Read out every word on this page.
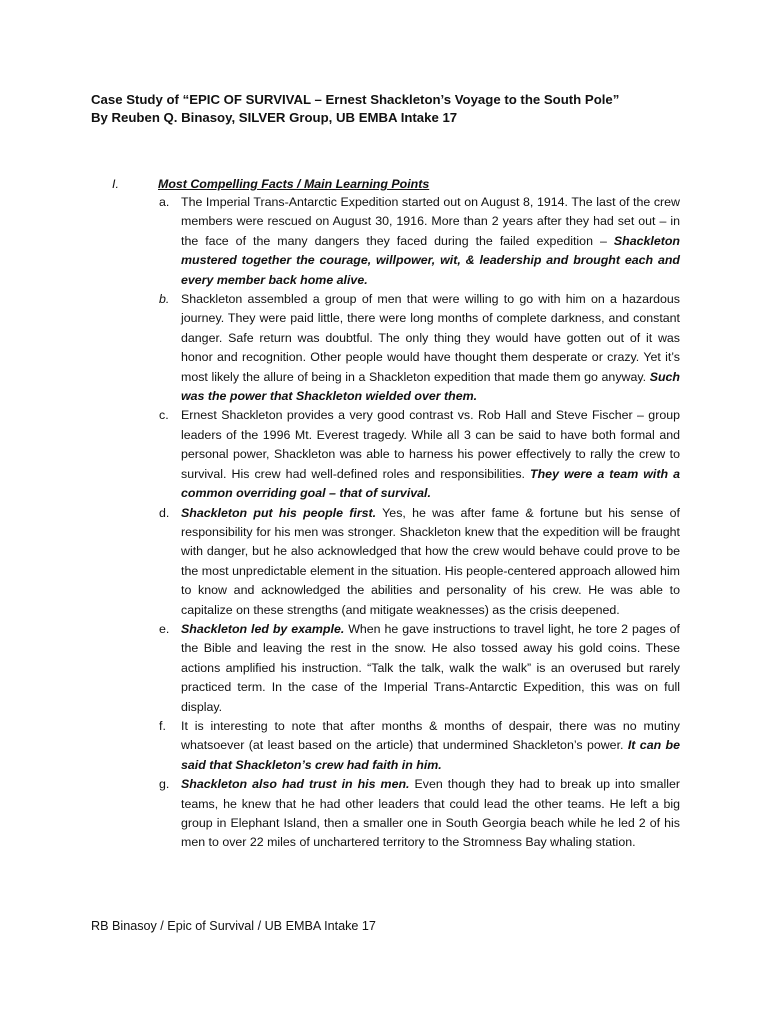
Case Study of “EPIC OF SURVIVAL – Ernest Shackleton’s Voyage to the South Pole”
By Reuben Q. Binasoy, SILVER Group, UB EMBA Intake 17
I.	Most Compelling Facts / Main Learning Points
a. The Imperial Trans-Antarctic Expedition started out on August 8, 1914. The last of the crew members were rescued on August 30, 1916. More than 2 years after they had set out – in the face of the many dangers they faced during the failed expedition – Shackleton mustered together the courage, willpower, wit, & leadership and brought each and every member back home alive.
b. Shackleton assembled a group of men that were willing to go with him on a hazardous journey. They were paid little, there were long months of complete darkness, and constant danger. Safe return was doubtful. The only thing they would have gotten out of it was honor and recognition. Other people would have thought them desperate or crazy. Yet it’s most likely the allure of being in a Shackleton expedition that made them go anyway. Such was the power that Shackleton wielded over them.
c. Ernest Shackleton provides a very good contrast vs. Rob Hall and Steve Fischer – group leaders of the 1996 Mt. Everest tragedy. While all 3 can be said to have both formal and personal power, Shackleton was able to harness his power effectively to rally the crew to survival. His crew had well-defined roles and responsibilities. They were a team with a common overriding goal – that of survival.
d. Shackleton put his people first. Yes, he was after fame & fortune but his sense of responsibility for his men was stronger. Shackleton knew that the expedition will be fraught with danger, but he also acknowledged that how the crew would behave could prove to be the most unpredictable element in the situation. His people-centered approach allowed him to know and acknowledged the abilities and personality of his crew. He was able to capitalize on these strengths (and mitigate weaknesses) as the crisis deepened.
e. Shackleton led by example. When he gave instructions to travel light, he tore 2 pages of the Bible and leaving the rest in the snow. He also tossed away his gold coins. These actions amplified his instruction. “Talk the talk, walk the walk” is an overused but rarely practiced term. In the case of the Imperial Trans-Antarctic Expedition, this was on full display.
f.	It is interesting to note that after months & months of despair, there was no mutiny whatsoever (at least based on the article) that undermined Shackleton’s power. It can be said that Shackleton’s crew had faith in him.
g. Shackleton also had trust in his men. Even though they had to break up into smaller teams, he knew that he had other leaders that could lead the other teams. He left a big group in Elephant Island, then a smaller one in South Georgia beach while he led 2 of his men to over 22 miles of unchartered territory to the Stromness Bay whaling station.
RB Binasoy / Epic of Survival / UB EMBA Intake 17
